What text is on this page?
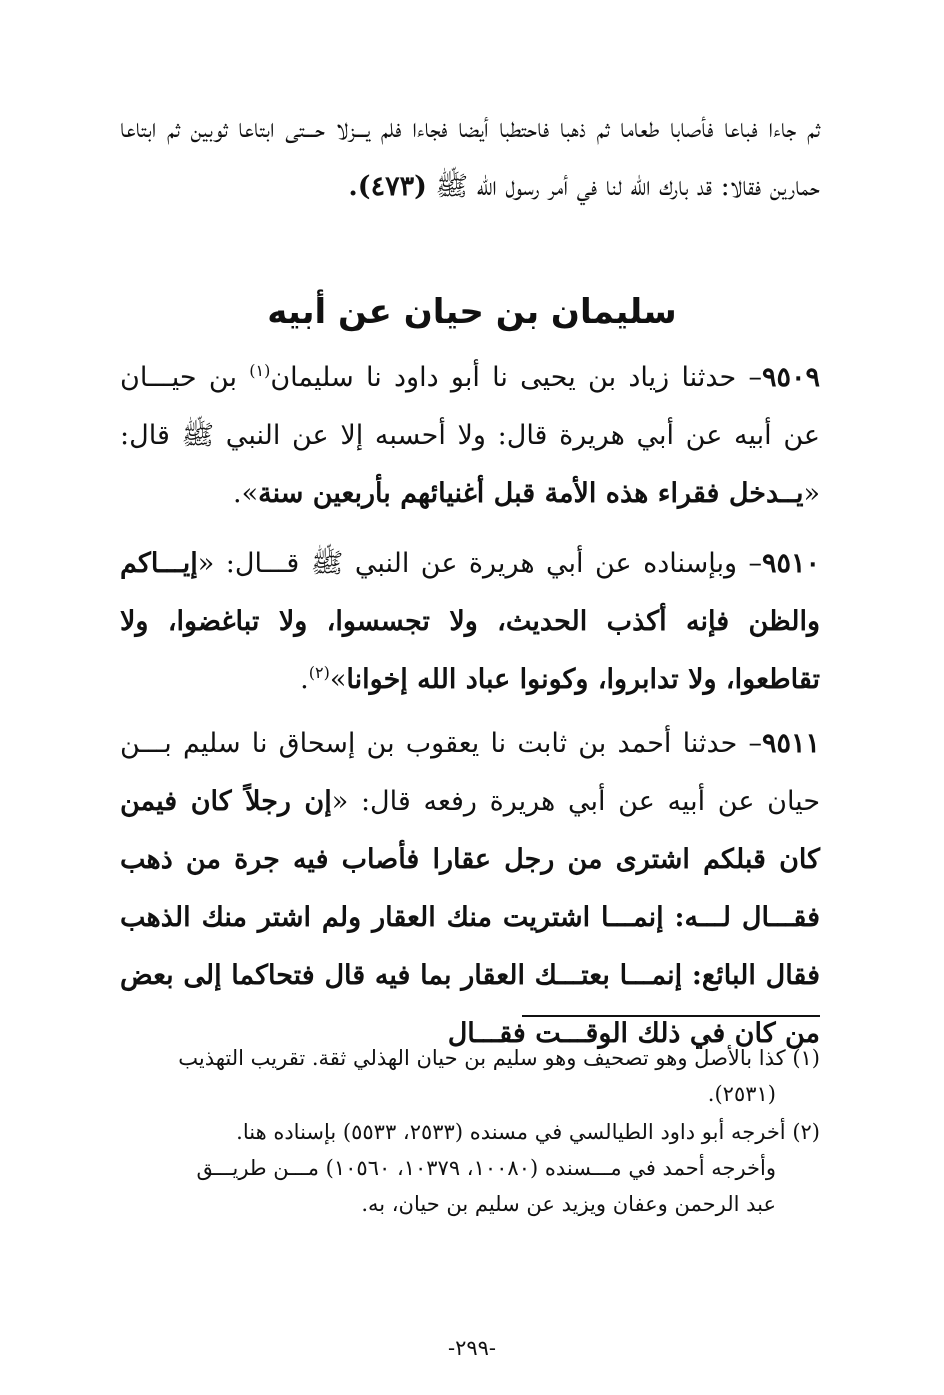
ثم جاءا فباعا فأصابا طعاما ثم ذهبا فاحتطبا أيضا فجاءا فلم يـــزلا حـــتى ابتاعا ثوبين ثم ابتاعا حمارين فقالا: قد بارك الله لنا في أمر رسول الله ﷺ (٤٧٣).

سليمان بن حيان عن أبيه

٩٥٠٩– حدثنا زياد بن يحيى نا أبو داود نا سليمان$^{(١)}$ بن حيـــان عن أبيه عن أبي هريرة قال: ولا أحسبه إلا عن النبي ﷺ قال: «يــدخل فقراء هذه الأمة قبل أغنيائهم بأربعين سنة».

٩٥١٠– وبإسناده عن أبي هريرة عن النبي ﷺ قـــال: «إيـــاكم والظن فإنه أكذب الحديث، ولا تجسسوا، ولا تباغضوا، ولا تقاطعوا، ولا تدابروا، وكونوا عباد الله إخوانا»$^{(٢)}$.

٩٥١١– حدثنا أحمد بن ثابت نا يعقوب بن إسحاق نا سليم بـــن حيان عن أبيه عن أبي هريرة رفعه قال: «إن رجلاً كان فيمن كان قبلكم اشترى من رجل عقارا فأصاب فيه جرة من ذهب فقـــال لـــه: إنمـــا اشتريت منك العقار ولم اشتر منك الذهب فقال البائع: إنمـــا بعتـــك العقار بما فيه قال فتحاكما إلى بعض من كان في ذلك الوقـــت فقـــال

(١) كذا بالأصل وهو تصحيف وهو سليم بن حيان الهذلي ثقة. تقريب التهذيب

(٢٥٣١).

(٢) أخرجه أبو داود الطيالسي في مسنده (٢٥٣٣، ٥٥٣٣) بإسناده هنا.

وأخرجه أحمد في مـــسنده (١٠٠٨٠، ١٠٣٧٩، ١٠٥٦٠) مـــن طريـــق

عبد الرحمن وعفان ويزيد عن سليم بن حيان، به.

-٢٩٩-
